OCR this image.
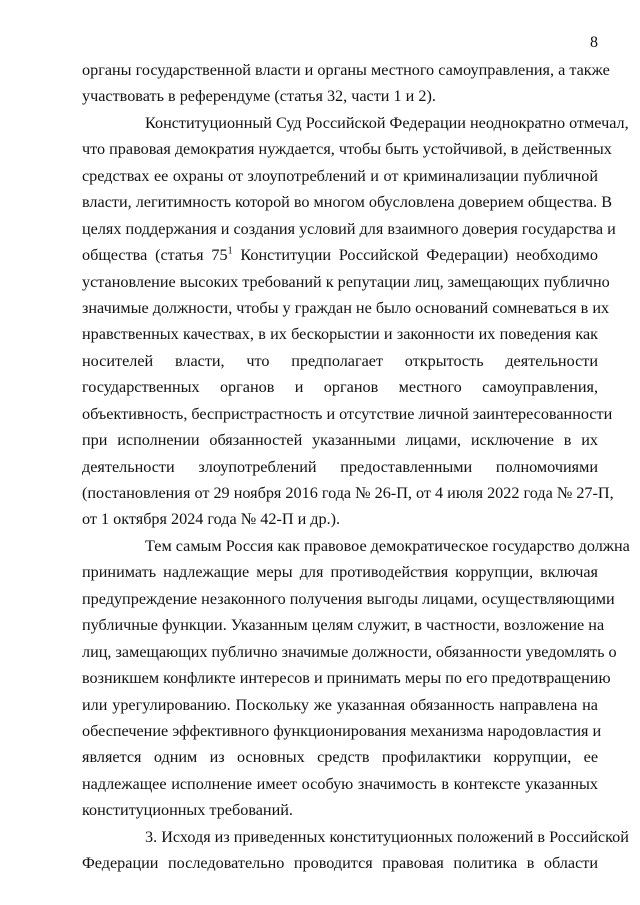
8
органы государственной власти и органы местного самоуправления, а также
участвовать в референдуме (статья 32, части 1 и 2).
Конституционный Суд Российской Федерации неоднократно отмечал,
что правовая демократия нуждается, чтобы быть устойчивой, в действенных
средствах ее охраны от злоупотреблений и от криминализации публичной
власти, легитимность которой во многом обусловлена доверием общества. В
целях поддержания и создания условий для взаимного доверия государства и
общества (статья $75^1$ Конституции Российской Федерации) необходимо
установление высоких требований к репутации лиц, замещающих публично
значимые должности, чтобы у граждан не было оснований сомневаться в их
нравственных качествах, в их бескорыстии и законности их поведения как
носителей власти, что предполагает открытость деятельности
государственных органов и органов местного самоуправления,
объективность, беспристрастность и отсутствие личной заинтересованности
при исполнении обязанностей указанными лицами, исключение в их
деятельности злоупотреблений предоставленными полномочиями
(постановления от 29 ноября 2016 года № 26-П, от 4 июля 2022 года № 27-П,
от 1 октября 2024 года № 42-П и др.).
Тем самым Россия как правовое демократическое государство должна
принимать надлежащие меры для противодействия коррупции, включая
предупреждение незаконного получения выгоды лицами, осуществляющими
публичные функции. Указанным целям служит, в частности, возложение на
лиц, замещающих публично значимые должности, обязанности уведомлять о
возникшем конфликте интересов и принимать меры по его предотвращению
или урегулированию. Поскольку же указанная обязанность направлена на
обеспечение эффективного функционирования механизма народовластия и
является одним из основных средств профилактики коррупции, ее
надлежащее исполнение имеет особую значимость в контексте указанных
конституционных требований.
3. Исходя из приведенных конституционных положений в Российской
Федерации последовательно проводится правовая политика в области
